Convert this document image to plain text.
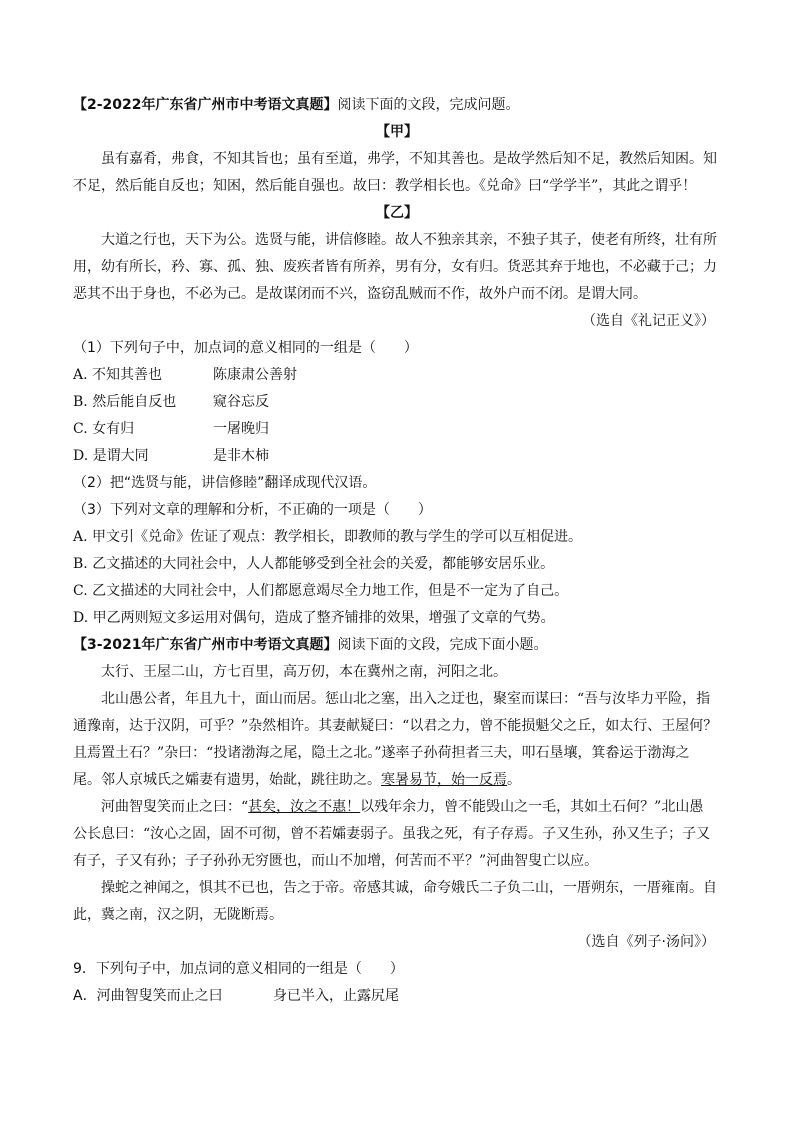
【2-2022年广东省广州市中考语文真题】阅读下面的文段，完成问题。
【甲】
虽有嘉肴，弗食，不知其旨也；虽有至道，弗学，不知其善也。是故学然后知不足，教然后知困。知
不足，然后能自反也；知困，然后能自强也。故曰：教学相长也。《兑命》曰“学学半”，其此之谓乎！
【乙】
大道之行也，天下为公。选贤与能，讲信修睦。故人不独亲其亲，不独子其子，使老有所终，壮有所
用，幼有所长，矜、寡、孤、独、废疾者皆有所养，男有分，女有归。货恶其弃于地也，不必藏于己；力
恶其不出于身也，不必为己。是故谋闭而不兴，盗窃乱贼而不作，故外户而不闭。是谓大同。
（选自《礼记正义》）
（1）下列句子中，加点词的意义相同的一组是（　　）
A. 不知其善也	陈康肃公善射
B. 然后能自反也	窥谷忘反
C. 女有归	一屠晚归
D. 是谓大同	是非木柿
（2）把“选贤与能，讲信修睦”翻译成现代汉语。
（3）下列对文章的理解和分析，不正确的一项是（　　）
A. 甲文引《兑命》佐证了观点：教学相长，即教师的教与学生的学可以互相促进。
B. 乙文描述的大同社会中，人人都能够受到全社会的关爱，都能够安居乐业。
C. 乙文描述的大同社会中，人们都愿意竭尽全力地工作，但是不一定为了自己。
D. 甲乙两则短文多运用对偶句，造成了整齐铺排的效果，增强了文章的气势。
【3-2021年广东省广州市中考语文真题】阅读下面的文段，完成下面小题。
太行、王屋二山，方七百里，高万仞，本在冀州之南，河阳之北。
北山愚公者，年且九十，面山而居。惩山北之塞，出入之迂也，聚室而谋曰：“吾与汝毕力平险，指
通豫南，达于汉阴，可乎？”杂然相许。其妻献疑曰：“以君之力，曾不能损魁父之丘，如太行、王屋何？
且焉置土石？”杂曰：“投诸渤海之尾，隐土之北。”遂率子孙荷担者三夫，叩石垦壤，箕畚运于渤海之
尾。邻人京城氏之孀妻有遗男，始龀，跳往助之。寒暑易节，始一反焉。
河曲智叟笑而止之曰：“甚矣，汝之不惠！以残年余力，曾不能毁山之一毛，其如土石何？”北山愚
公长息曰：“汝心之固，固不可彻，曾不若孀妻弱子。虽我之死，有子存焉。子又生孙，孙又生子；子又
有子，子又有孙；子子孙孙无穷匮也，而山不加增，何苦而不平？”河曲智叟亡以应。
操蛇之神闻之，惧其不已也，告之于帝。帝感其诚，命夸娥氏二子负二山，一厝朔东，一厝雍南。自
此，冀之南，汉之阴，无陇断焉。
（选自《列子·汤问》）
9．下列句子中，加点词的意义相同的一组是（　　）
A．河曲智叟笑而止之曰	身已半入，止露尻尾
